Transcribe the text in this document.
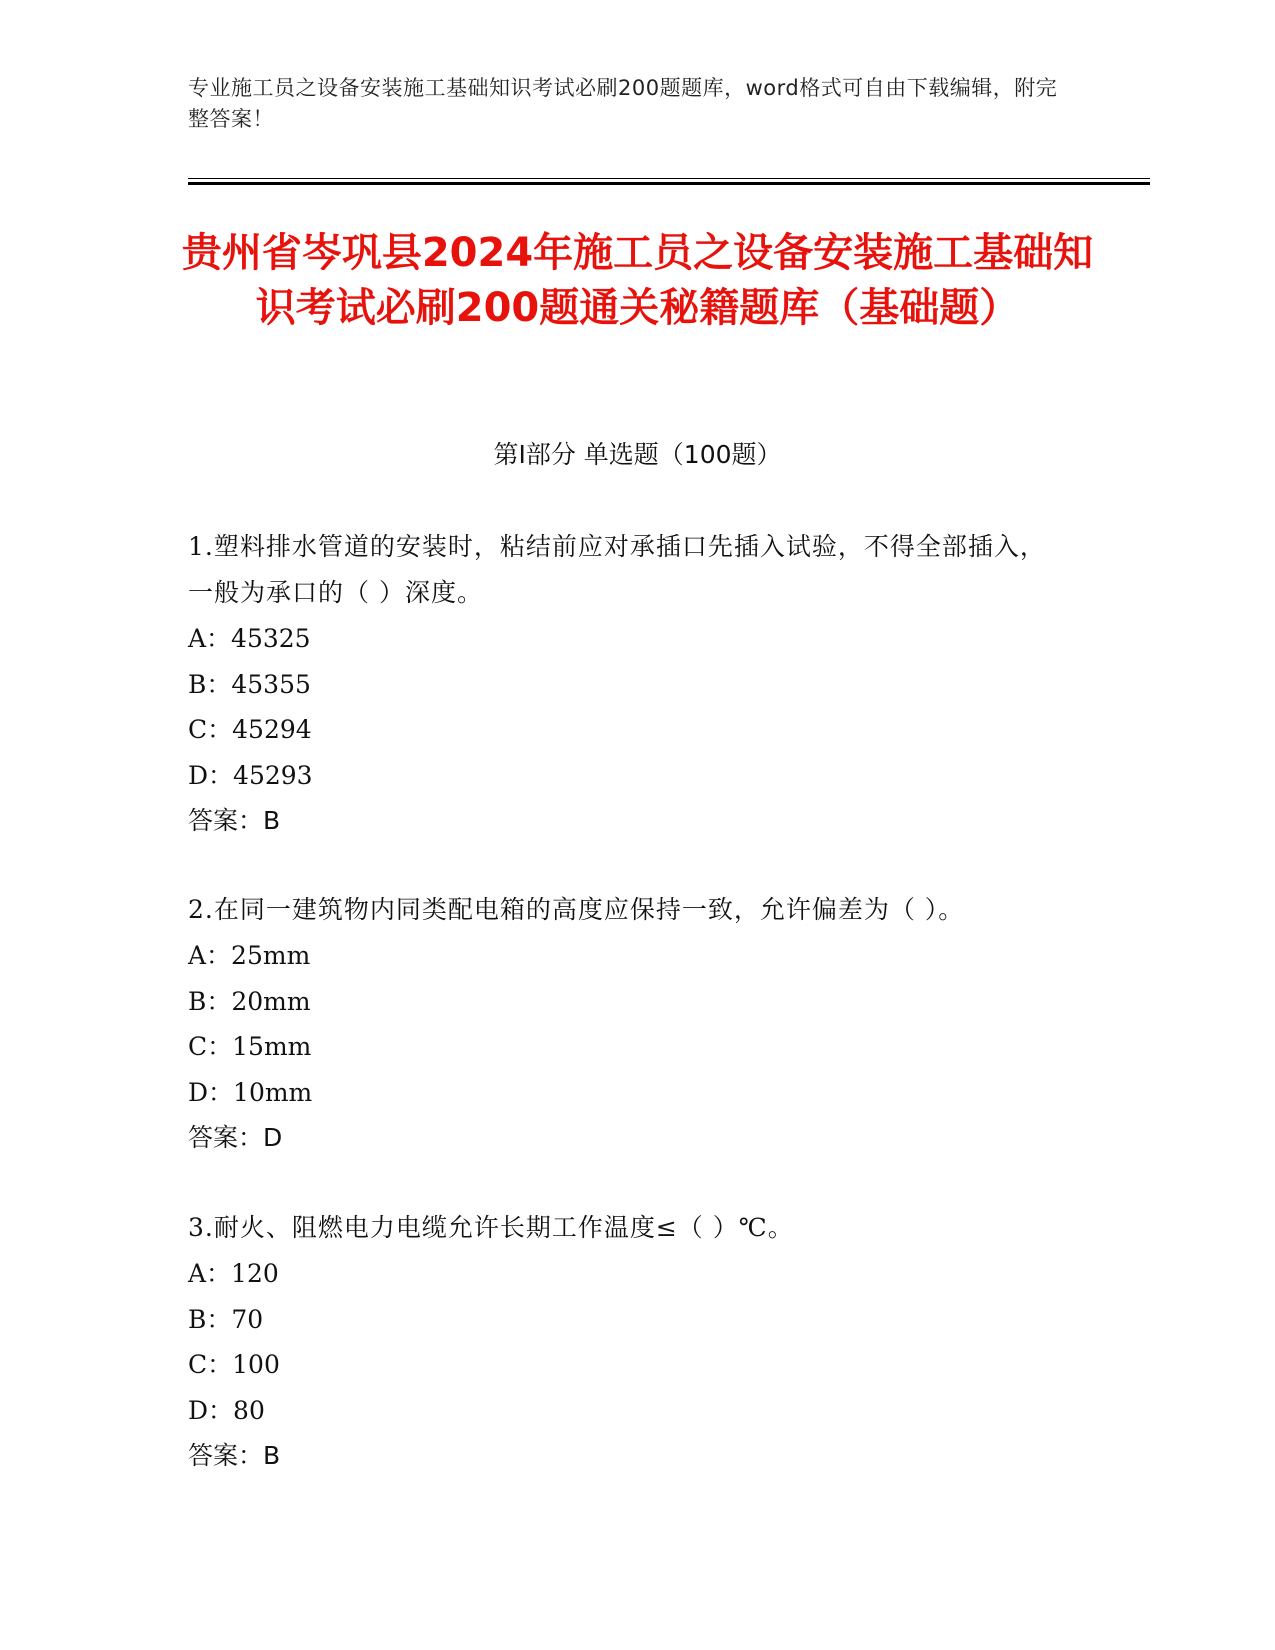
专业施工员之设备安装施工基础知识考试必刷200题题库，word格式可自由下载编辑，附完整答案！
贵州省岑巩县2024年施工员之设备安装施工基础知识考试必刷200题通关秘籍题库（基础题）
第I部分 单选题（100题）

1.塑料排水管道的安装时，粘结前应对承插口先插入试验，不得全部插入，一般为承口的（ ）深度。

A：45325

B：45355

C：45294

D：45293

答案：B

2.在同一建筑物内同类配电箱的高度应保持一致，允许偏差为（ ）。

A：25mm

B：20mm

C：15mm

D：10mm

答案：D

3.耐火、阻燃电力电缆允许长期工作温度≤（ ）℃。

A：120

B：70

C：100

D：80

答案：B
